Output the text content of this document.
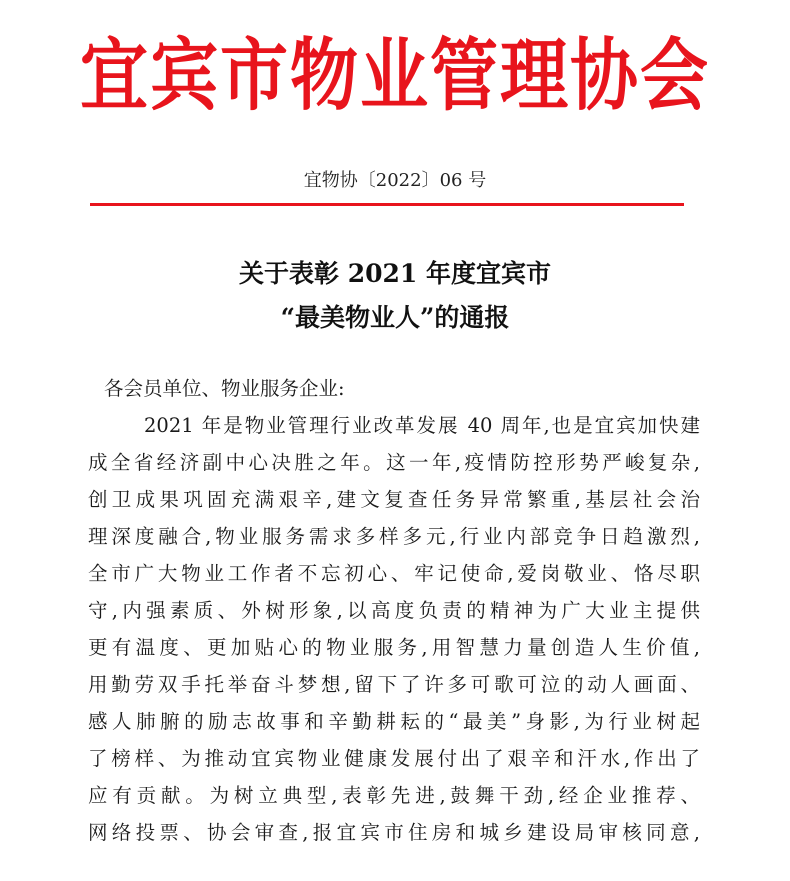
宜宾市物业管理协会
宜物协〔2022〕06 号
关于表彰 2021 年度宜宾市
“最美物业人”的通报
各会员单位、物业服务企业:
2021 年是物业管理行业改革发展 40 周年,也是宜宾加快建
成全省经济副中心决胜之年。这一年,疫情防控形势严峻复杂,
创卫成果巩固充满艰辛,建文复查任务异常繁重,基层社会治
理深度融合,物业服务需求多样多元,行业内部竞争日趋激烈,
全市广大物业工作者不忘初心、牢记使命,爱岗敬业、恪尽职
守,内强素质、外树形象,以高度负责的精神为广大业主提供
更有温度、更加贴心的物业服务,用智慧力量创造人生价值,
用勤劳双手托举奋斗梦想,留下了许多可歌可泣的动人画面、
感人肺腑的励志故事和辛勤耕耘的“最美”身影,为行业树起
了榜样、为推动宜宾物业健康发展付出了艰辛和汗水,作出了
应有贡献。为树立典型,表彰先进,鼓舞干劲,经企业推荐、
网络投票、协会审查,报宜宾市住房和城乡建设局审核同意,
